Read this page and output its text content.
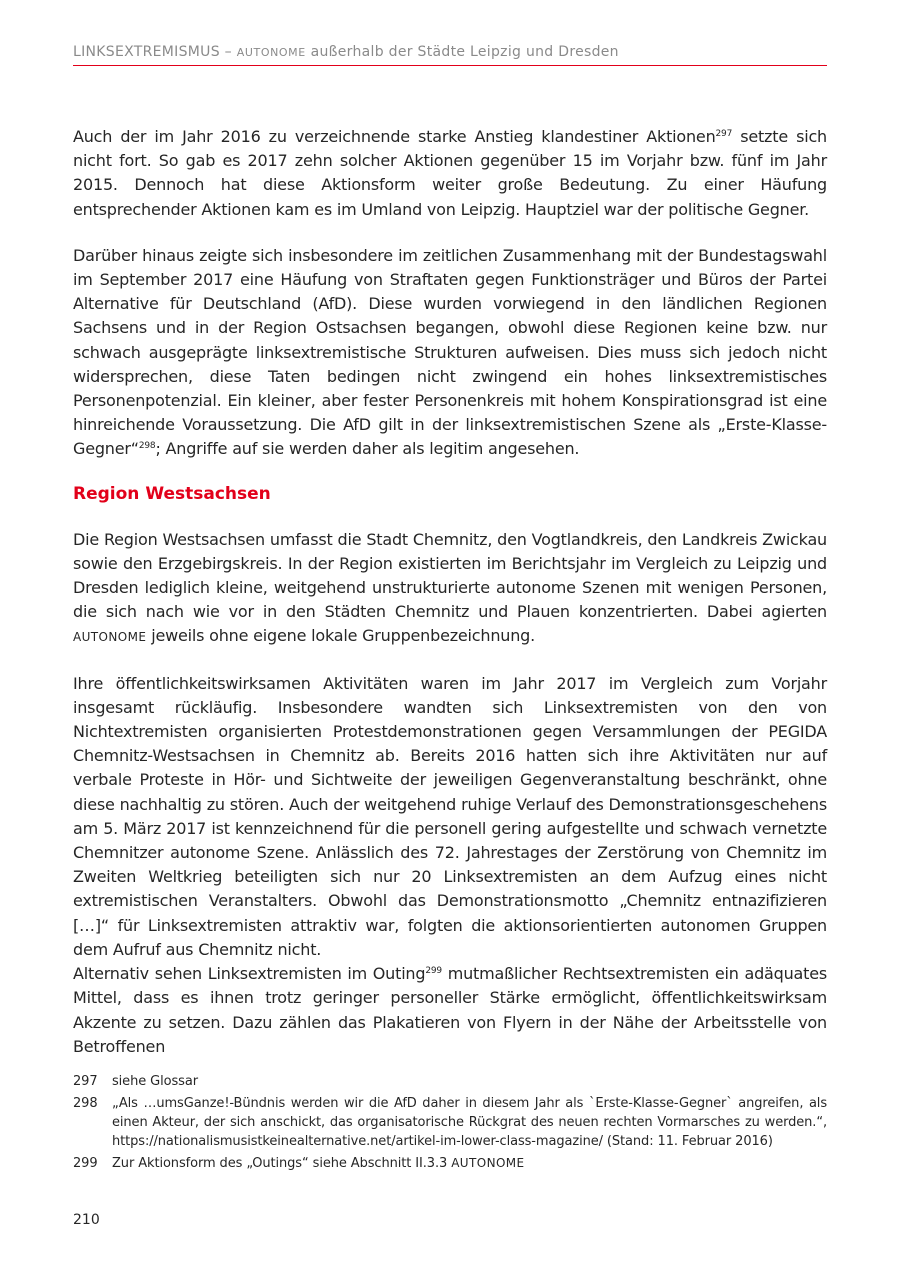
LINKSEXTREMISMUS – AUTONOME außerhalb der Städte Leipzig und Dresden

Auch der im Jahr 2016 zu verzeichnende starke Anstieg klandestiner Aktionen$^{297}$ setzte sich nicht fort. So gab es 2017 zehn solcher Aktionen gegenüber 15 im Vorjahr bzw. fünf im Jahr 2015. Dennoch hat diese Aktionsform weiter große Bedeutung. Zu einer Häufung entsprechender Aktionen kam es im Umland von Leipzig. Hauptziel war der politische Gegner.

Darüber hinaus zeigte sich insbesondere im zeitlichen Zusammenhang mit der Bundestagswahl im September 2017 eine Häufung von Straftaten gegen Funktionsträger und Büros der Partei Alternative für Deutschland (AfD). Diese wurden vorwiegend in den ländlichen Regionen Sachsens und in der Region Ostsachsen begangen, obwohl diese Regionen keine bzw. nur schwach ausgeprägte linksextremistische Strukturen aufweisen. Dies muss sich jedoch nicht widersprechen, diese Taten bedingen nicht zwingend ein hohes linksextremistisches Personenpotenzial. Ein kleiner, aber fester Personenkreis mit hohem Konspirationsgrad ist eine hinreichende Voraussetzung. Die AfD gilt in der linksextremistischen Szene als „Erste-Klasse-Gegner“$^{298}$; Angriffe auf sie werden daher als legitim angesehen.

Region Westsachsen

Die Region Westsachsen umfasst die Stadt Chemnitz, den Vogtlandkreis, den Landkreis Zwickau sowie den Erzgebirgskreis. In der Region existierten im Berichtsjahr im Vergleich zu Leipzig und Dresden lediglich kleine, weitgehend unstrukturierte autonome Szenen mit wenigen Personen, die sich nach wie vor in den Städten Chemnitz und Plauen konzentrierten. Dabei agierten AUTONOME jeweils ohne eigene lokale Gruppenbezeichnung.

Ihre öffentlichkeitswirksamen Aktivitäten waren im Jahr 2017 im Vergleich zum Vorjahr insgesamt rückläufig. Insbesondere wandten sich Linksextremisten von den von Nichtextremisten organisierten Protestdemonstrationen gegen Versammlungen der PEGIDA Chemnitz-Westsachsen in Chemnitz ab. Bereits 2016 hatten sich ihre Aktivitäten nur auf verbale Proteste in Hör- und Sichtweite der jeweiligen Gegenveranstaltung beschränkt, ohne diese nachhaltig zu stören. Auch der weitgehend ruhige Verlauf des Demonstrationsgeschehens am 5. März 2017 ist kennzeichnend für die personell gering aufgestellte und schwach vernetzte Chemnitzer autonome Szene. Anlässlich des 72. Jahrestages der Zerstörung von Chemnitz im Zweiten Weltkrieg beteiligten sich nur 20 Linksextremisten an dem Aufzug eines nicht extremistischen Veranstalters. Obwohl das Demonstrationsmotto „Chemnitz entnazifizieren […]“ für Linksextremisten attraktiv war, folgten die aktionsorientierten autonomen Gruppen dem Aufruf aus Chemnitz nicht.

Alternativ sehen Linksextremisten im Outing$^{299}$ mutmaßlicher Rechtsextremisten ein adäquates Mittel, dass es ihnen trotz geringer personeller Stärke ermöglicht, öffentlichkeitswirksam Akzente zu setzen. Dazu zählen das Plakatieren von Flyern in der Nähe der Arbeitsstelle von Betroffenen

297	siehe Glossar
298	„Als …umsGanze!-Bündnis werden wir die AfD daher in diesem Jahr als `Erste-Klasse-Gegner` angreifen, als einen Akteur, der sich anschickt, das organisatorische Rückgrat des neuen rechten Vormarsches zu werden.“, https://nationalismusistkeinealternative.net/artikel-im-lower-class-magazine/ (Stand: 11. Februar 2016)
299	Zur Aktionsform des „Outings“ siehe Abschnitt II.3.3 AUTONOME
210
